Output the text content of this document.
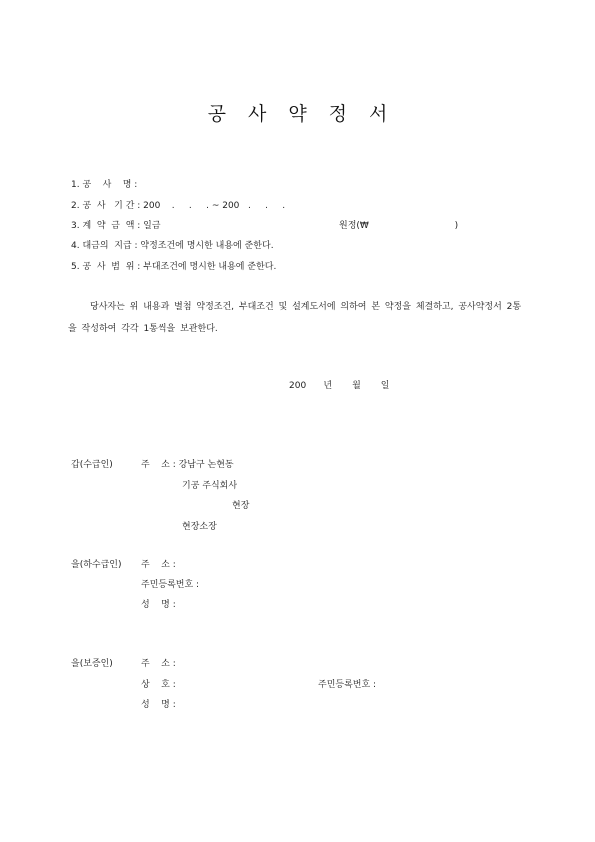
공사약정서
1. 공    사    명 :
2. 공  사   기 간 : 200    .     .     . ~ 200   .     .     .
3. 계  약  금  액 : 일금	원정(₩                              )
4. 대금의  지급 : 약정조건에 명시한 내용에 준한다.
5. 공  사  범  위 : 부대조건에 명시한 내용에 준한다.
당사자는 위 내용과 별첨 약정조건, 부대조건 및 설계도서에 의하여 본 약정을 체결하고, 공사약정서 2통을 작성하여 각각 1통씩을 보관한다.
200      년       월       일
갑(수급인)	주    소 : 강남구 논현동
기공 주식회사
현장
현장소장
을(하수급인) 주    소 :
주민등록번호 :
성    명 :
을(보증인)	주    소 :
상    호 :	주민등록번호 :
성    명 :
